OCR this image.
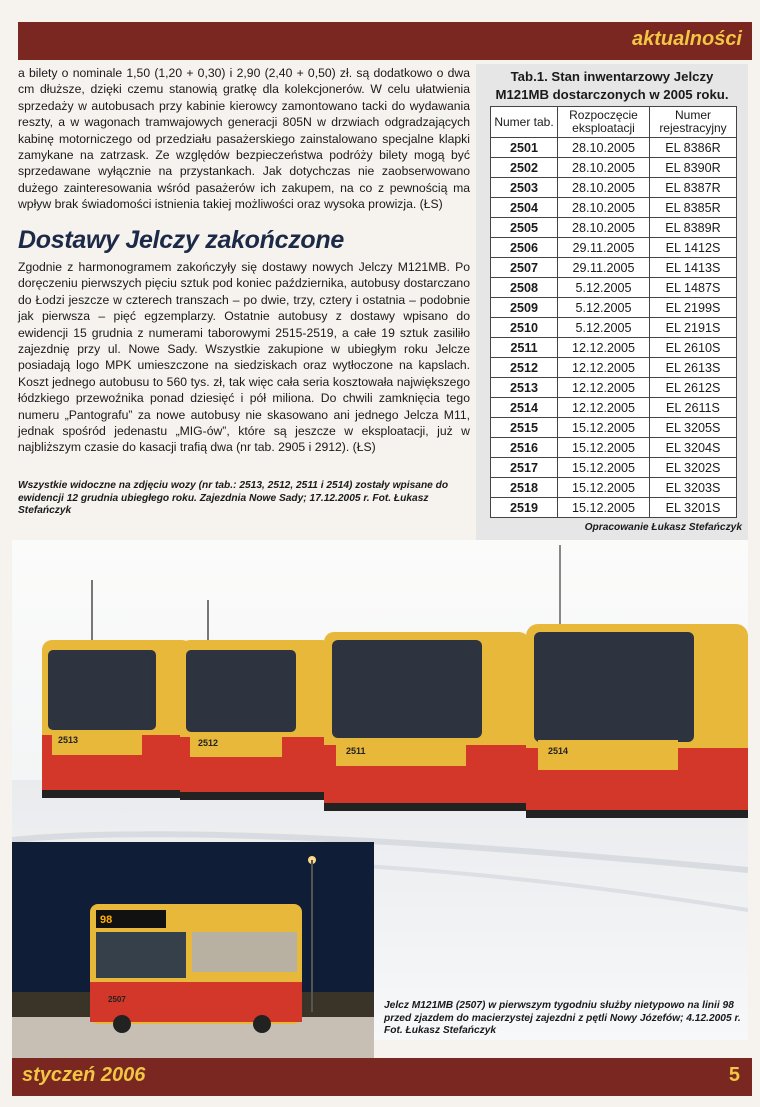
aktualności
a bilety o nominale 1,50 (1,20 + 0,30) i 2,90 (2,40 + 0,50) zł. są dodatkowo o dwa cm dłuższe, dzięki czemu stanowią gratkę dla kolekcjonerów. W celu ułatwienia sprzedaży w autobusach przy kabinie kierowcy zamontowano tacki do wydawania reszty, a w wagonach tramwajowych generacji 805N w drzwiach odgradzających kabinę motorniczego od przedziału pasażerskiego zainstalowano specjalne klapki zamykane na zatrzask. Ze względów bezpieczeństwa podróży bilety mogą być sprzedawane wyłącznie na przystankach. Jak dotychczas nie zaobserwowano dużego zainteresowania wśród pasażerów ich zakupem, na co z pewnością ma wpływ brak świadomości istnienia takiej możliwości oraz wysoka prowizja. (ŁS)
Dostawy Jelczy zakończone
Zgodnie z harmonogramem zakończyły się dostawy nowych Jelczy M121MB. Po doręczeniu pierwszych pięciu sztuk pod koniec października, autobusy dostarczano do Łodzi jeszcze w czterech transzach – po dwie, trzy, cztery i ostatnia – podobnie jak pierwsza – pięć egzemplarzy. Ostatnie autobusy z dostawy wpisano do ewidencji 15 grudnia z numerami taborowymi 2515-2519, a całe 19 sztuk zasiliło zajezdnię przy ul. Nowe Sady. Wszystkie zakupione w ubiegłym roku Jelcze posiadają logo MPK umieszczone na siedziskach oraz wytłoczone na kapslach. Koszt jednego autobusu to 560 tys. zł, tak więc cała seria kosztowała największego łódzkiego przewoźnika ponad dziesięć i pół miliona. Do chwili zamknięcia tego numeru „Pantografu” za nowe autobusy nie skasowano ani jednego Jelcza M11, jednak spośród jedenastu „MIG-ów”, które są jeszcze w eksploatacji, już w najbliższym czasie do kasacji trafią dwa (nr tab. 2905 i 2912). (ŁS)
Wszystkie widoczne na zdjęciu wozy (nr tab.: 2513, 2512, 2511 i 2514) zostały wpisane do ewidencji 12 grudnia ubiegłego roku. Zajezdnia Nowe Sady; 17.12.2005 r. Fot. Łukasz Stefańczyk
Tab.1. Stan inwentarzowy Jelczy
M121MB dostarczonych w 2005 roku.
Numer tab.	Rozpoczęcie eksploatacji	Numer rejestracyjny
2501	28.10.2005	EL 8386R
2502	28.10.2005	EL 8390R
2503	28.10.2005	EL 8387R
2504	28.10.2005	EL 8385R
2505	28.10.2005	EL 8389R
2506	29.11.2005	EL 1412S
2507	29.11.2005	EL 1413S
2508	5.12.2005	EL 1487S
2509	5.12.2005	EL 2199S
2510	5.12.2005	EL 2191S
2511	12.12.2005	EL 2610S
2512	12.12.2005	EL 2613S
2513	12.12.2005	EL 2612S
2514	12.12.2005	EL 2611S
2515	15.12.2005	EL 3205S
2516	15.12.2005	EL 3204S
2517	15.12.2005	EL 3202S
2518	15.12.2005	EL 3203S
2519	15.12.2005	EL 3201S
Opracowanie Łukasz Stefańczyk
2513	2512
2511	2514
98
2507
Jelcz M121MB (2507) w pierwszym tygodniu służby nietypowo na linii 98 przed zjazdem do macierzystej zajezdni z pętli Nowy Józefów; 4.12.2005 r. Fot. Łukasz Stefańczyk
styczeń 2006	5
